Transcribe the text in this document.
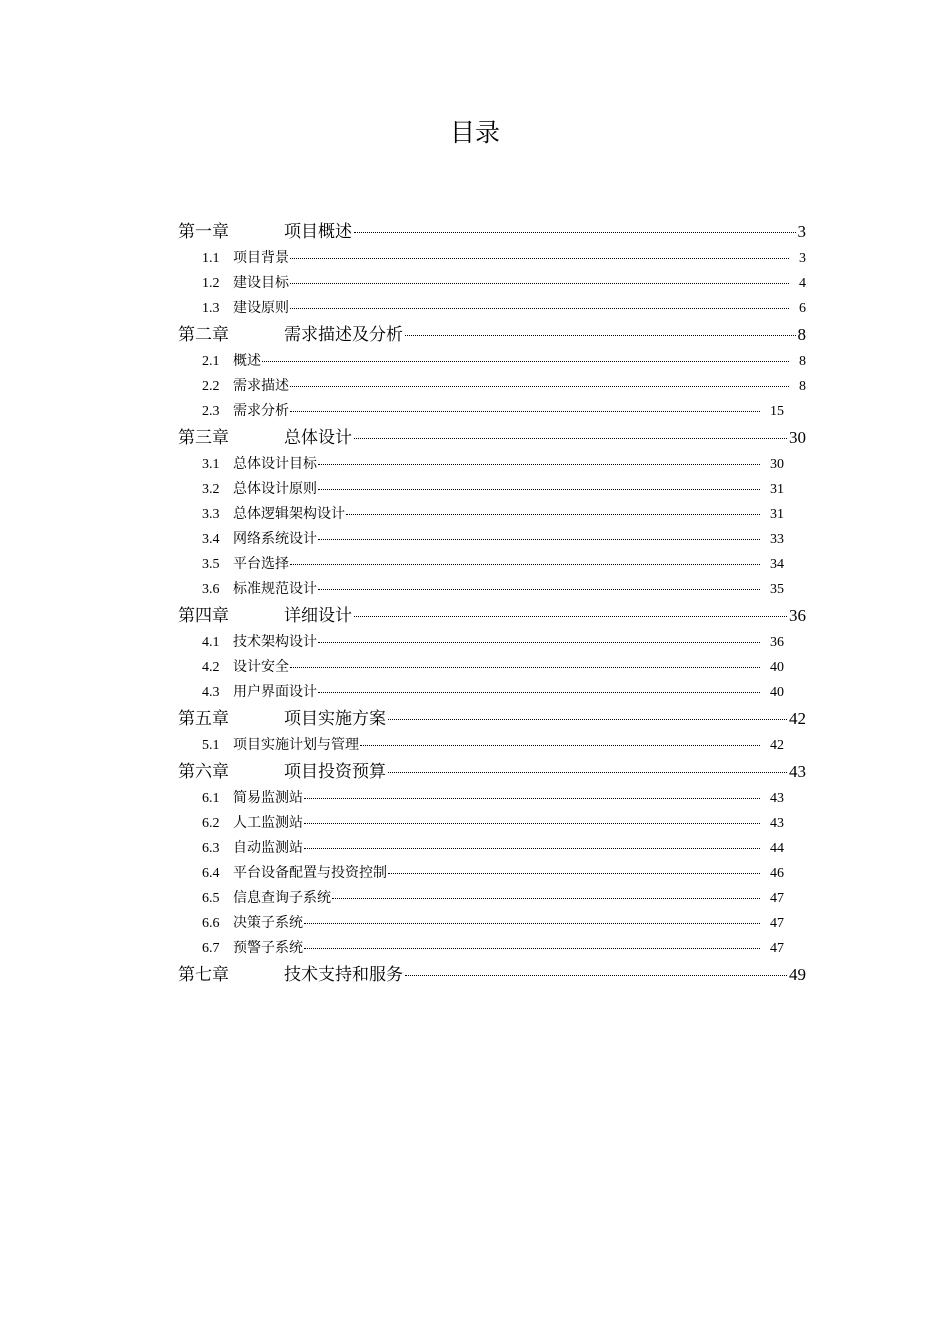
目录
第一章	项目概述	3
1.1 项目背景	3
1.2 建设目标	4
1.3 建设原则	6
第二章	需求描述及分析	8
2.1 概述	8
2.2 需求描述	8
2.3 需求分析	15
第三章	总体设计	30
3.1 总体设计目标	30
3.2 总体设计原则	31
3.3 总体逻辑架构设计	31
3.4 网络系统设计	33
3.5 平台选择	34
3.6 标准规范设计	35
第四章	详细设计	36
4.1 技术架构设计	36
4.2 设计安全	40
4.3 用户界面设计	40
第五章	项目实施方案	42
5.1 项目实施计划与管理	42
第六章	项目投资预算	43
6.1 简易监测站	43
6.2 人工监测站	43
6.3 自动监测站	44
6.4 平台设备配置与投资控制	46
6.5 信息查询子系统	47
6.6 决策子系统	47
6.7 预警子系统	47
第七章	技术支持和服务	49
